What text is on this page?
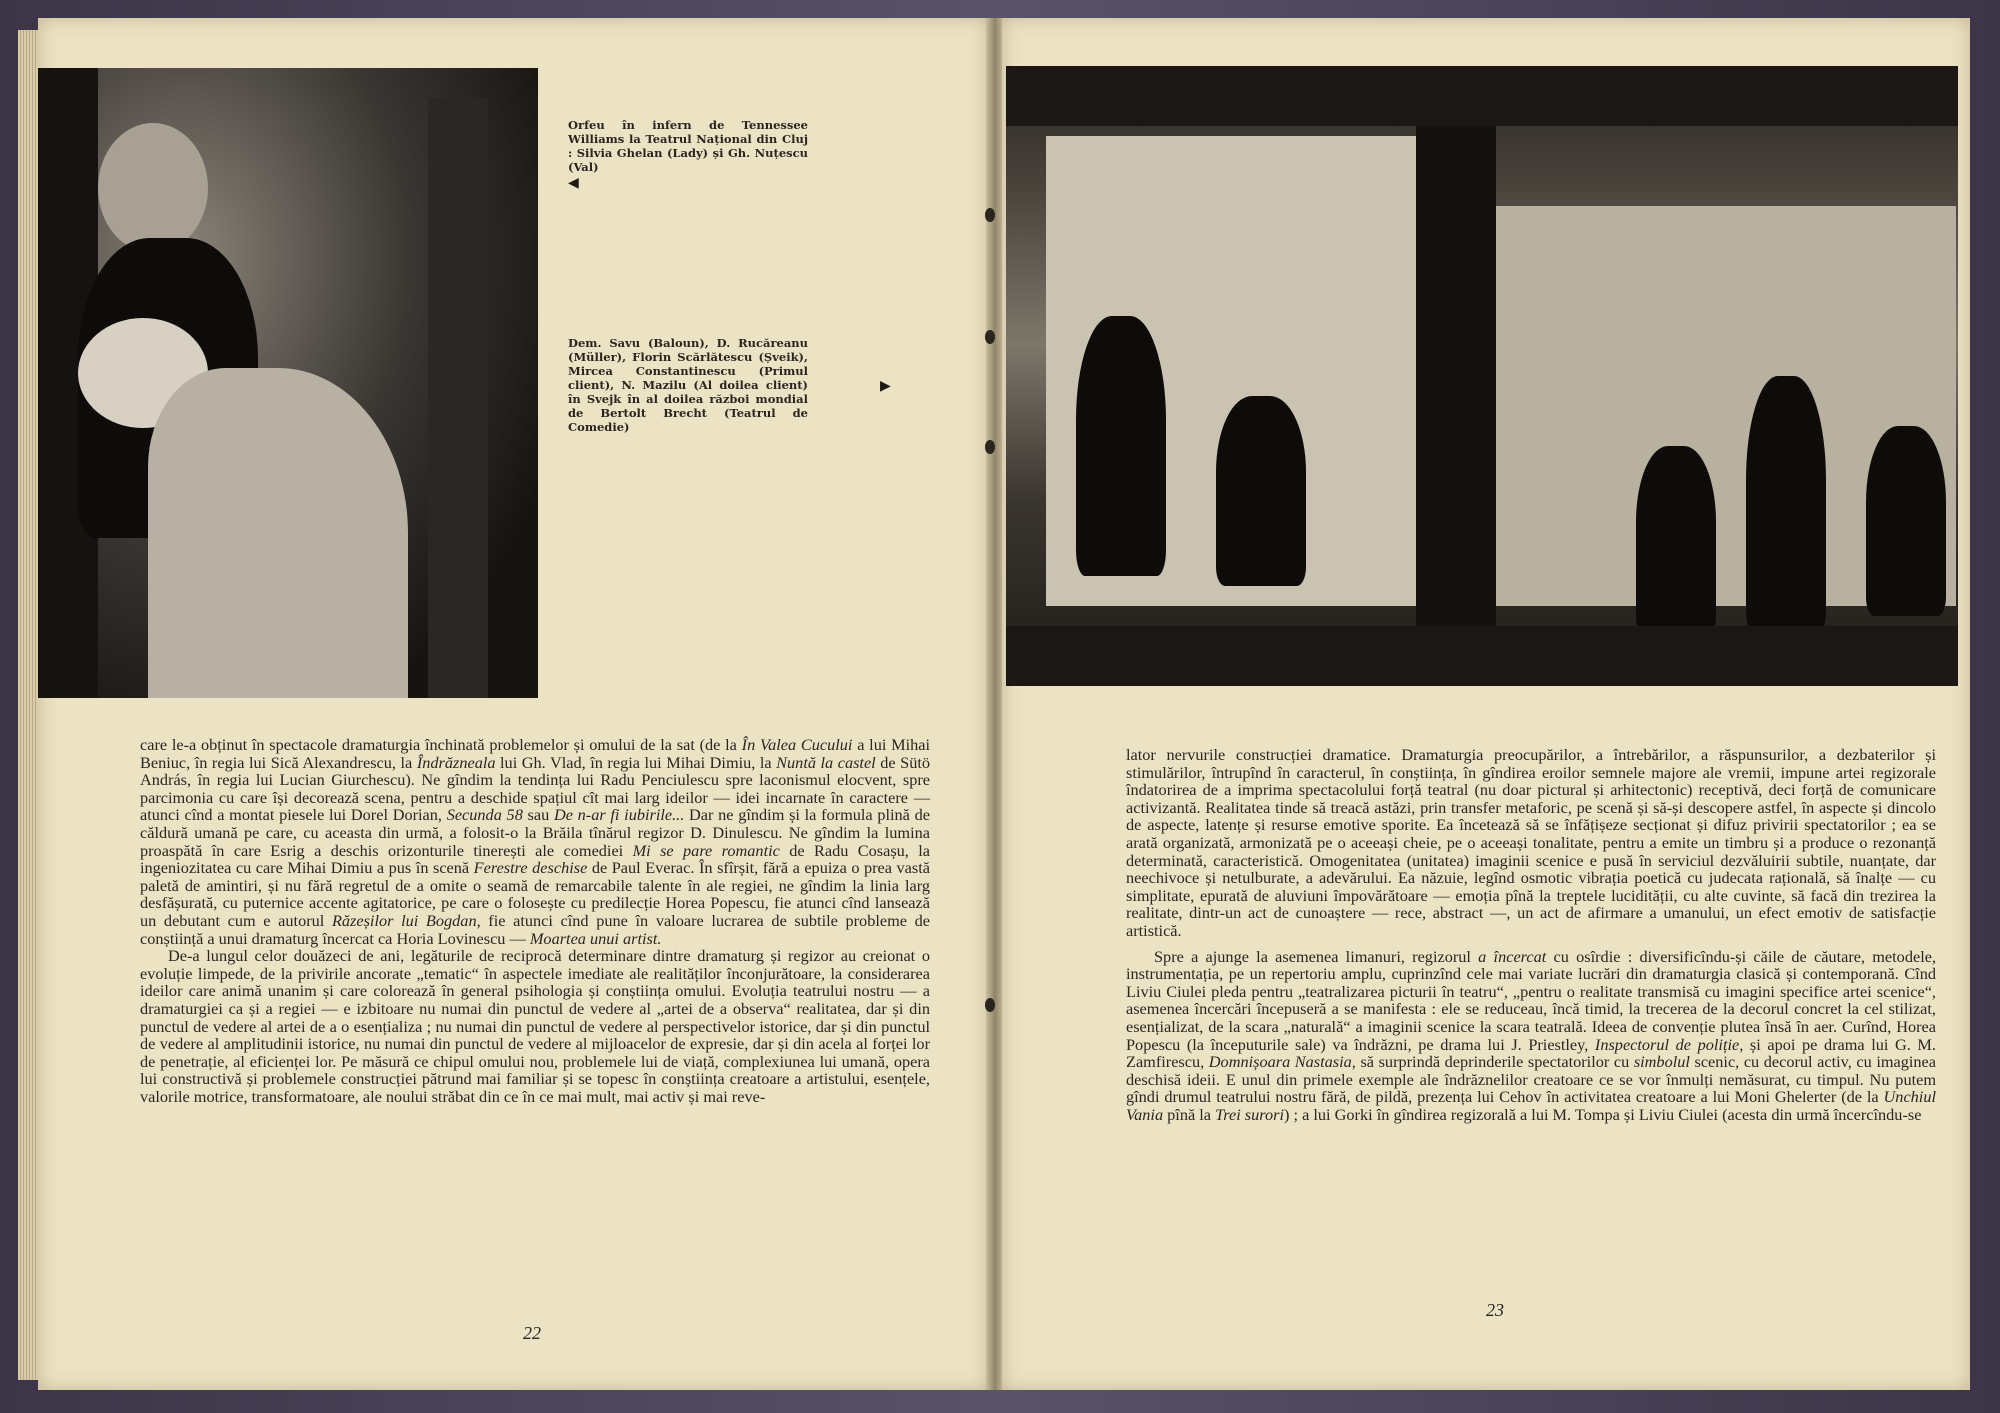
Orfeu în infern de Tennessee Williams la Teatrul Național din Cluj : Silvia Ghelan (Lady) și Gh. Nuțescu (Val)
◀
Dem. Savu (Baloun), D. Rucăreanu (Müller), Florin Scărlătescu (Șveik), Mircea Constantinescu (Primul client), N. Mazilu (Al doilea client) în Svejk în al doilea război mondial de Bertolt Brecht (Teatrul de Comedie)
▶

care le-a obținut în spectacole dramaturgia închinată problemelor și omului de la sat (de la În Valea Cucului a lui Mihai Beniuc, în regia lui Sică Alexandrescu, la Îndrăzneala lui Gh. Vlad, în regia lui Mihai Dimiu, la Nuntă la castel de Sütö András, în regia lui Lucian Giurchescu). Ne gîndim la tendința lui Radu Penciulescu spre laconismul elocvent, spre parcimonia cu care își decorează scena, pentru a deschide spațiul cît mai larg ideilor — idei incarnate în caractere — atunci cînd a montat piesele lui Dorel Dorian, Secunda 58 sau De n-ar fi iubirile... Dar ne gîndim și la formula plină de căldură umană pe care, cu aceasta din urmă, a folosit-o la Brăila tînărul regizor D. Dinulescu. Ne gîndim la lumina proaspătă în care Esrig a deschis orizonturile tinerești ale comediei Mi se pare romantic de Radu Cosașu, la ingeniozitatea cu care Mihai Dimiu a pus în scenă Ferestre deschise de Paul Everac. În sfîrșit, fără a epuiza o prea vastă paletă de amintiri, și nu fără regretul de a omite o seamă de remarcabile talente în ale regiei, ne gîndim la linia larg desfășurată, cu puternice accente agitatorice, pe care o folosește cu predilecție Horea Popescu, fie atunci cînd lansează un debutant cum e autorul Răzeșilor lui Bogdan, fie atunci cînd pune în valoare lucrarea de subtile probleme de conștiință a unui dramaturg încercat ca Horia Lovinescu — Moartea unui artist.

De-a lungul celor douăzeci de ani, legăturile de reciprocă determinare dintre dramaturg și regizor au creionat o evoluție limpede, de la privirile ancorate „tematic“ în aspectele imediate ale realităților înconjurătoare, la considerarea ideilor care animă unanim și care colorează în general psihologia și conștiința omului. Evoluția teatrului nostru — a dramaturgiei ca și a regiei — e izbitoare nu numai din punctul de vedere al „artei de a observa“ realitatea, dar și din punctul de vedere al artei de a o esențializa ; nu numai din punctul de vedere al perspectivelor istorice, dar și din punctul de vedere al amplitudinii istorice, nu numai din punctul de vedere al mijloacelor de expresie, dar și din acela al forței lor de penetrație, al eficienței lor. Pe măsură ce chipul omului nou, problemele lui de viață, complexiunea lui umană, opera lui constructivă și problemele construcției pătrund mai familiar și se topesc în conștiința creatoare a artistului, esențele, valorile motrice, transformatoare, ale noului străbat din ce în ce mai mult, mai activ și mai reve-

22

lator nervurile construcției dramatice. Dramaturgia preocupărilor, a întrebărilor, a răspunsurilor, a dezbaterilor și stimulărilor, întrupînd în caracterul, în conștiința, în gîndirea eroilor semnele majore ale vremii, impune artei regizorale îndatorirea de a imprima spectacolului forță teatral (nu doar pictural și arhitectonic) receptivă, deci forță de comunicare activizantă. Realitatea tinde să treacă astăzi, prin transfer metaforic, pe scenă și să-și descopere astfel, în aspecte și dincolo de aspecte, latențe și resurse emotive sporite. Ea încetează să se înfățișeze secționat și difuz privirii spectatorilor ; ea se arată organizată, armonizată pe o aceeași cheie, pe o aceeași tonalitate, pentru a emite un timbru și a produce o rezonanță determinată, caracteristică. Omogenitatea (unitatea) imaginii scenice e pusă în serviciul dezvăluirii subtile, nuanțate, dar neechivoce și netulburate, a adevărului. Ea năzuie, legînd osmotic vibrația poetică cu judecata rațională, să înalțe — cu simplitate, epurată de aluviuni împovărătoare — emoția pînă la treptele lucidității, cu alte cuvinte, să facă din trezirea la realitate, dintr-un act de cunoaștere — rece, abstract —, un act de afirmare a umanului, un efect emotiv de satisfacție artistică.

Spre a ajunge la asemenea limanuri, regizorul a încercat cu osîrdie : diversificîndu-și căile de căutare, metodele, instrumentația, pe un repertoriu amplu, cuprinzînd cele mai variate lucrări din dramaturgia clasică și contemporană. Cînd Liviu Ciulei pleda pentru „teatralizarea picturii în teatru“, „pentru o realitate transmisă cu imagini specifice artei scenice“, asemenea încercări începuseră a se manifesta : ele se reduceau, încă timid, la trecerea de la decorul concret la cel stilizat, esențializat, de la scara „naturală“ a imaginii scenice la scara teatrală. Ideea de convenție plutea însă în aer. Curînd, Horea Popescu (la începuturile sale) va îndrăzni, pe drama lui J. Priestley, Inspectorul de poliție, și apoi pe drama lui G. M. Zamfirescu, Domnișoara Nastasia, să surprindă deprinderile spectatorilor cu simbolul scenic, cu decorul activ, cu imaginea deschisă ideii. E unul din primele exemple ale îndrăznelilor creatoare ce se vor înmulți nemăsurat, cu timpul. Nu putem gîndi drumul teatrului nostru fără, de pildă, prezența lui Cehov în activitatea creatoare a lui Moni Ghelerter (de la Unchiul Vania pînă la Trei surori) ; a lui Gorki în gîndirea regizorală a lui M. Tompa și Liviu Ciulei (acesta din urmă încercîndu-se

23
